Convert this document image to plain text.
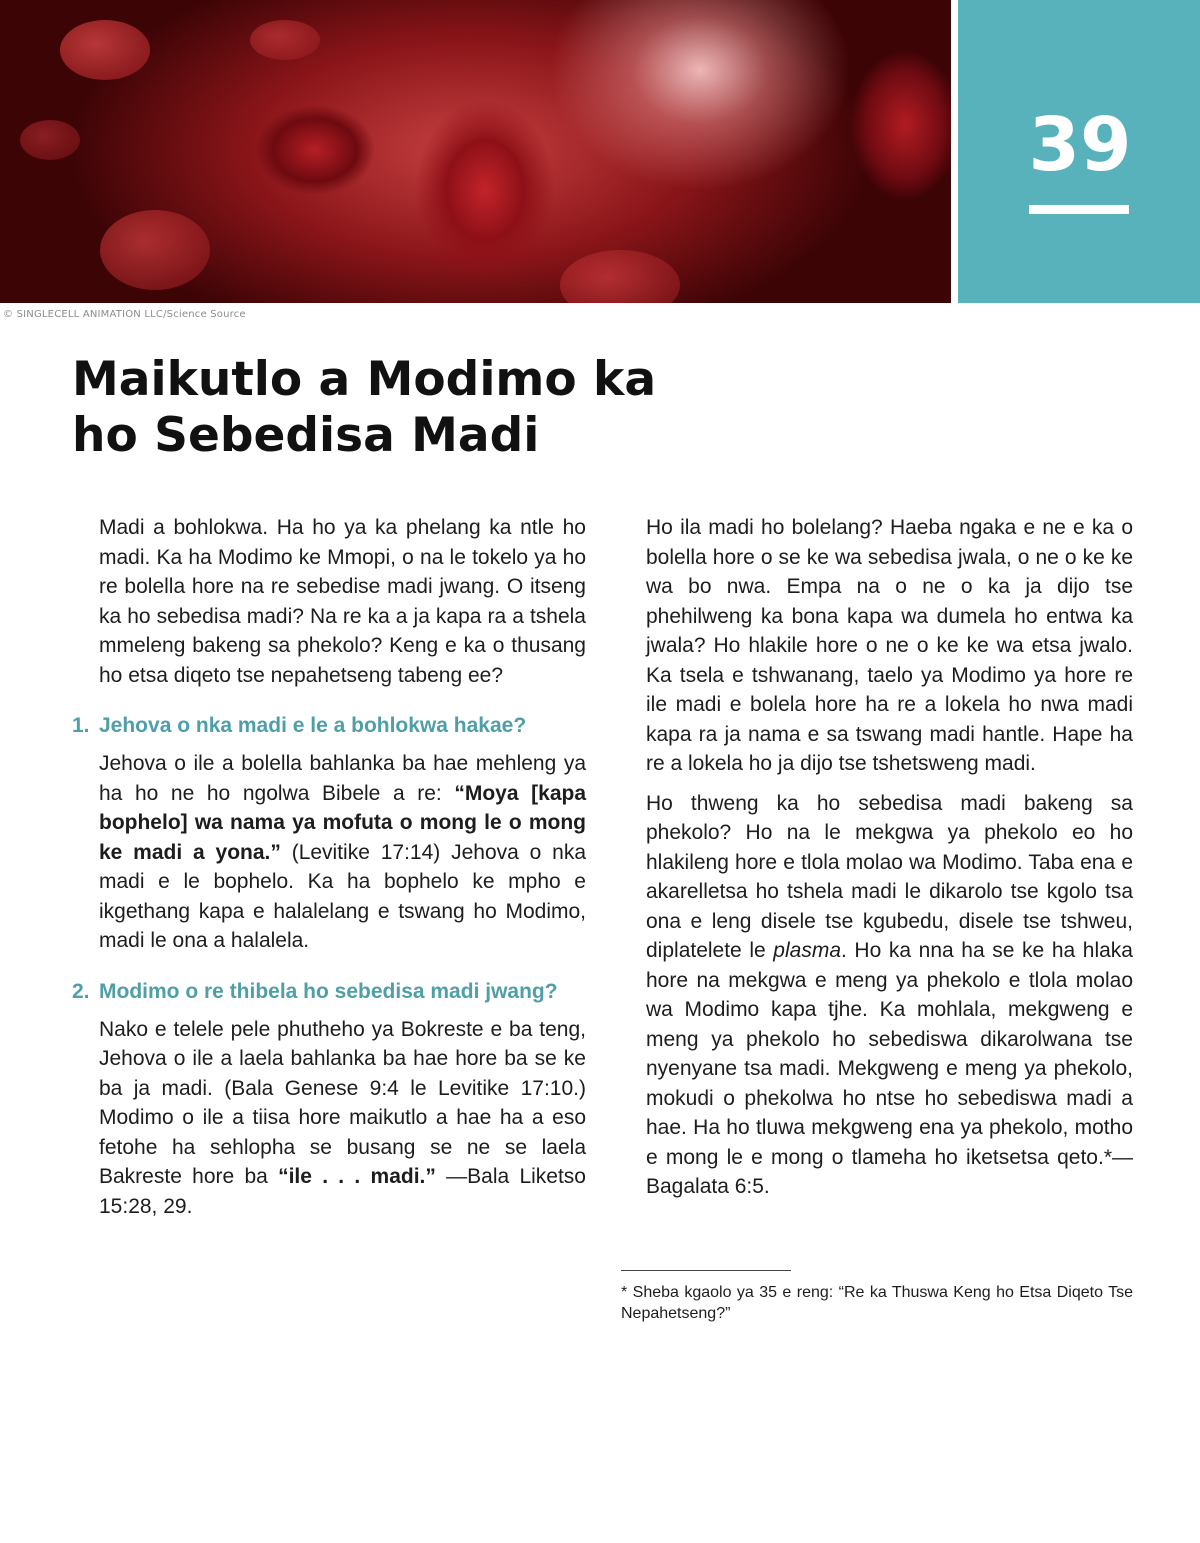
39
© SINGLECELL ANIMATION LLC/Science Source
Maikutlo a Modimo ka
ho Sebedisa Madi

Madi a bohlokwa. Ha ho ya ka phelang ka ntle ho madi. Ka ha Modimo ke Mmopi, o na le tokelo ya ho re bolella hore na re sebedise madi jwang. O itseng ka ho sebedisa madi? Na re ka a ja kapa ra a tshela mmeleng bakeng sa phekolo? Keng e ka o thusang ho etsa diqeto tse nepahetseng tabeng ee?

1. Jehova o nka madi e le a bohlokwa hakae?

Jehova o ile a bolella bahlanka ba hae mehleng ya ha ho ne ho ngolwa Bibele a re: “Moya [kapa bophelo] wa nama ya mofuta o mong le o mong ke madi a yona.” (Levitike 17:14) Jehova o nka madi e le bophelo. Ka ha bophelo ke mpho e ikgethang kapa e halalelang e tswang ho Modimo, madi le ona a halalela.

2. Modimo o re thibela ho sebedisa madi jwang?

Nako e telele pele phutheho ya Bokreste e ba teng, Jehova o ile a laela bahlanka ba hae hore ba se ke ba ja madi. (Bala Genese 9:4 le Levitike 17:10.) Modimo o ile a tiisa hore maikutlo a hae ha a eso fetohe ha sehlopha se busang se ne se laela Bakreste hore ba “ile . . . madi.” —Bala Liketso 15:28, 29.

Ho ila madi ho bolelang? Haeba ngaka e ne e ka o bolella hore o se ke wa sebedisa jwala, o ne o ke ke wa bo nwa. Empa na o ne o ka ja dijo tse phehilweng ka bona kapa wa dumela ho entwa ka jwala? Ho hlakile hore o ne o ke ke wa etsa jwalo. Ka tsela e tshwanang, taelo ya Modimo ya hore re ile madi e bolela hore ha re a lokela ho nwa madi kapa ra ja nama e sa tswang madi hantle. Hape ha re a lokela ho ja dijo tse tshetsweng madi.

Ho thweng ka ho sebedisa madi bakeng sa phekolo? Ho na le mekgwa ya phekolo eo ho hlakileng hore e tlola molao wa Modimo. Taba ena e akarelletsa ho tshela madi le dikarolo tse kgolo tsa ona e leng disele tse kgubedu, disele tse tshweu, diplatelete le plasma. Ho ka nna ha se ke ha hlaka hore na mekgwa e meng ya phekolo e tlola molao wa Modimo kapa tjhe. Ka mohlala, mekgweng e meng ya phekolo ho sebediswa dikarolwana tse nyenyane tsa madi. Mekgweng e meng ya phekolo, mokudi o phekolwa ho ntse ho sebediswa madi a hae. Ha ho tluwa mekgweng ena ya phekolo, motho e mong le e mong o tlameha ho iketsetsa qeto.*—Bagalata 6:5.

* Sheba kgaolo ya 35 e reng: “Re ka Thuswa Keng ho Etsa Diqeto Tse Nepahetseng?”
